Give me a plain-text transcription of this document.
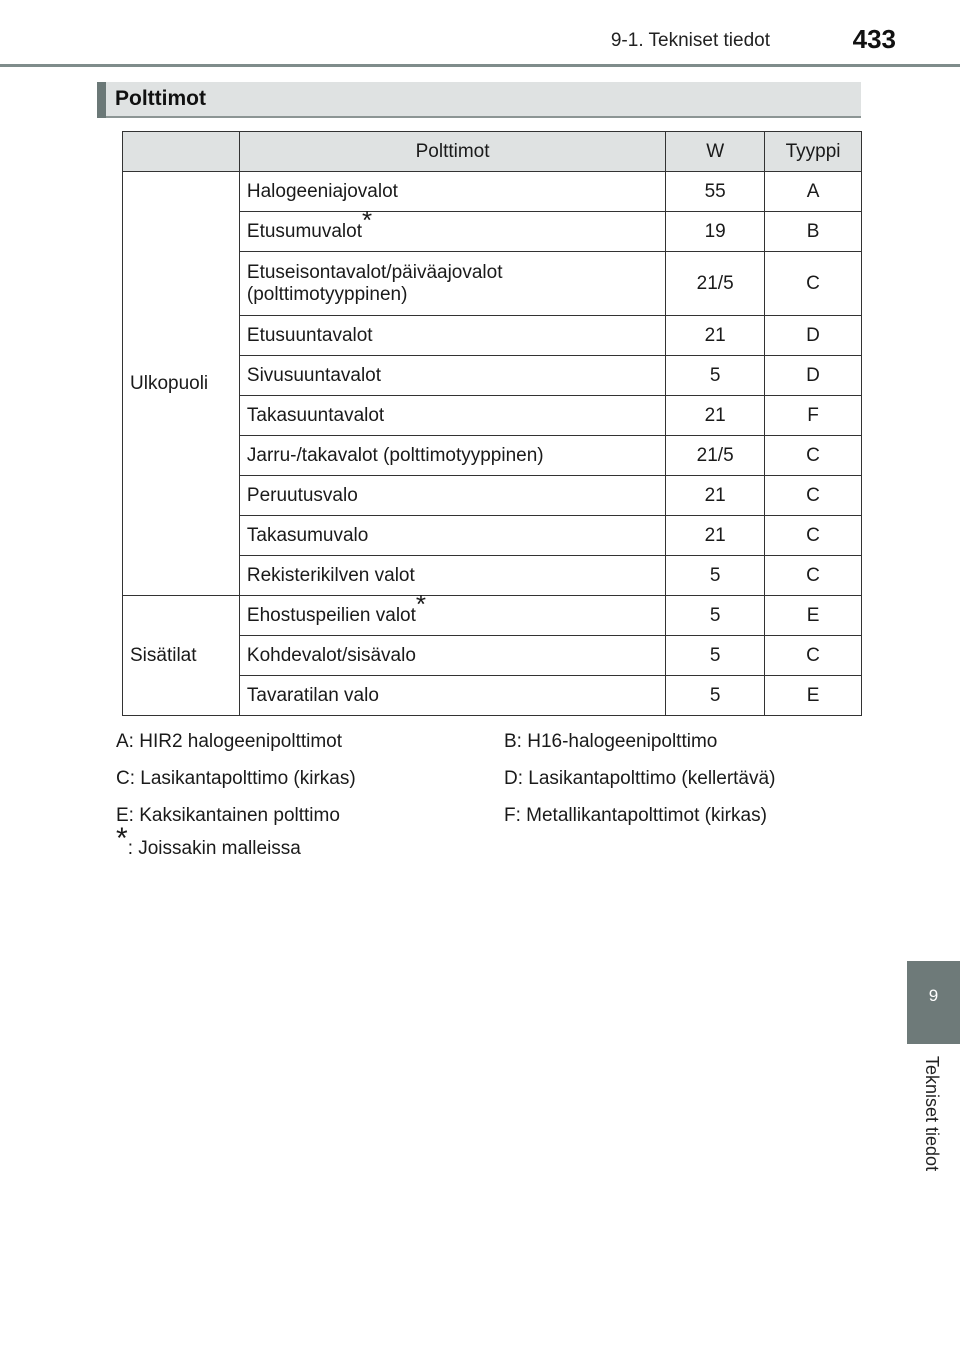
9-1. Tekniset tiedot	433
Polttimot
	Polttimot	W	Tyyppi
Ulkopuoli	Halogeeniajovalot	55	A
	Etusumuvalot*	19	B
	Etuseisontavalot/päiväajovalot
(polttimotyyppinen)	21/5	C
	Etusuuntavalot	21	D
	Sivusuuntavalot	5	D
	Takasuuntavalot	21	F
	Jarru-/takavalot (polttimotyyppinen)	21/5	C
	Peruutusvalo	21	C
	Takasumuvalo	21	C
	Rekisterikilven valot	5	C
Sisätilat	Ehostuspeilien valot*	5	E
	Kohdevalot/sisävalo	5	C
	Tavaratilan valo	5	E
A: HIR2 halogeenipolttimot	B: H16-halogeenipolttimo
C: Lasikantapolttimo (kirkas)	D: Lasikantapolttimo (kellertävä)
E: Kaksikantainen polttimo	F: Metallikantapolttimot (kirkas)
*: Joissakin malleissa
9
Tekniset tiedot
